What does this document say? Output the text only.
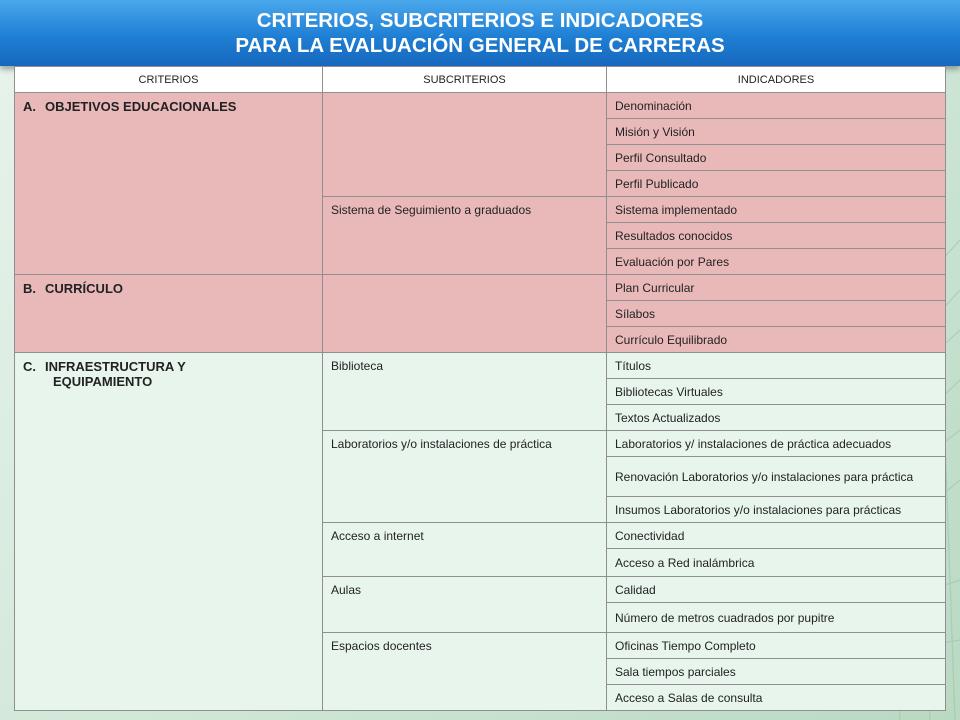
CRITERIOS, SUBCRITERIOS E INDICADORES
PARA LA EVALUACIÓN GENERAL DE CARRERAS
CRITERIOS	SUBCRITERIOS	INDICADORES
A. OBJETIVOS EDUCACIONALES		Denominación
		Misión y Visión
		Perfil Consultado
		Perfil Publicado
	Sistema de Seguimiento a graduados	Sistema implementado
		Resultados conocidos
		Evaluación por Pares
B. CURRÍCULO		Plan Curricular
		Sílabos
		Currículo Equilibrado
C. INFRAESTRUCTURA Y
EQUIPAMIENTO	Biblioteca	Títulos
		Bibliotecas Virtuales
		Textos Actualizados
	Laboratorios y/o instalaciones de práctica	Laboratorios y/ instalaciones de práctica adecuados
		Renovación Laboratorios y/o instalaciones para práctica
		Insumos Laboratorios y/o instalaciones para prácticas
	Acceso a internet	Conectividad
		Acceso a Red inalámbrica
	Aulas	Calidad
		Número de metros cuadrados por pupitre
	Espacios docentes	Oficinas Tiempo Completo
		Sala tiempos parciales
		Acceso a Salas de consulta
